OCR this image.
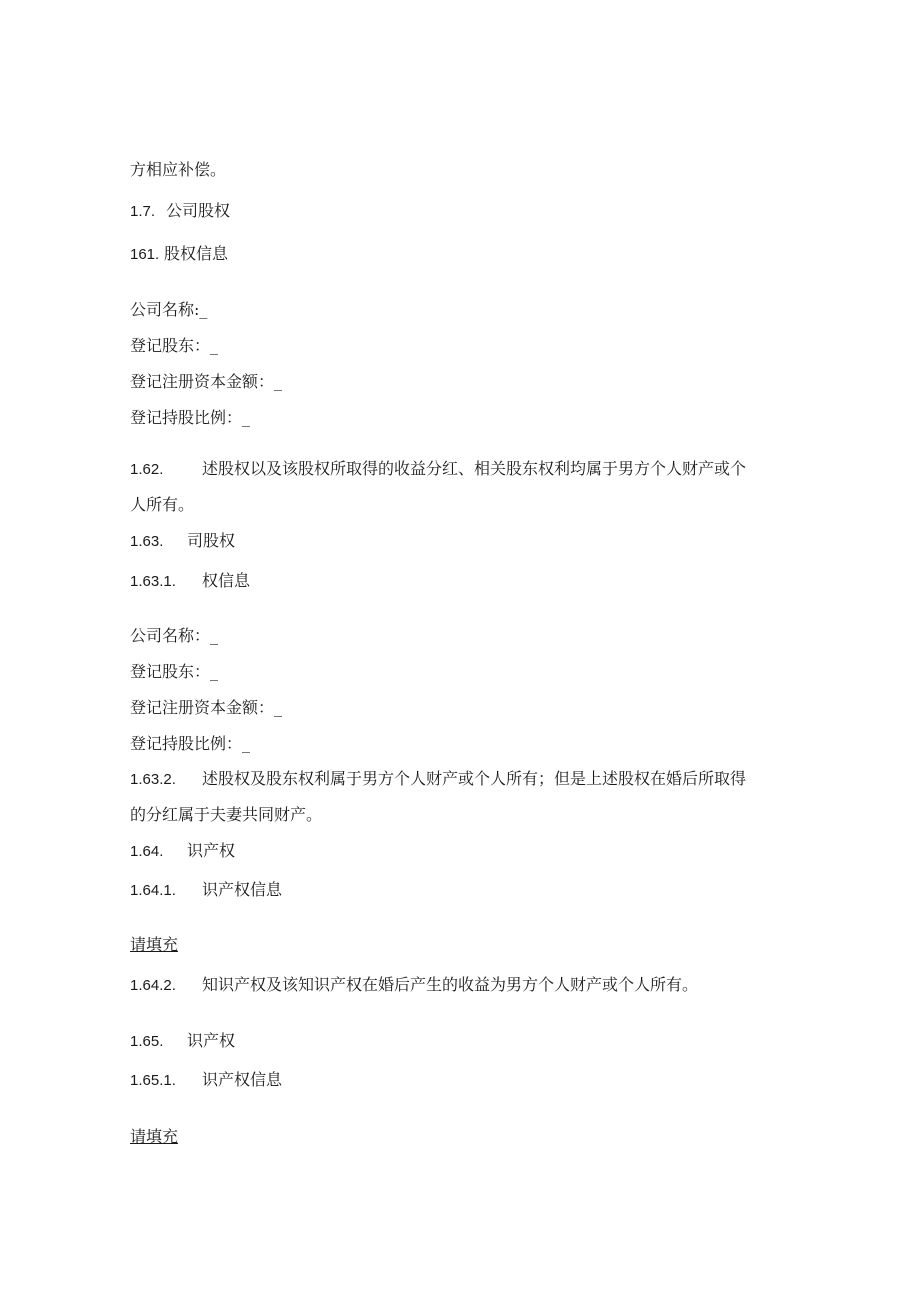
方相应补偿。
1.7. 公司股权
161. 股权信息
公司名称:_
登记股东：_
登记注册资本金额：_
登记持股比例：_
1.62. 述股权以及该股权所取得的收益分红、相关股东权利均属于男方个人财产或个
人所有。
1.63. 司股权
1.63.1. 权信息
公司名称：_
登记股东：_
登记注册资本金额：_
登记持股比例：_
1.63.2. 述股权及股东权利属于男方个人财产或个人所有；但是上述股权在婚后所取得
的分红属于夫妻共同财产。
1.64. 识产权
1.64.1. 识产权信息
请填充
1.64.2. 知识产权及该知识产权在婚后产生的收益为男方个人财产或个人所有。
1.65. 识产权
1.65.1. 识产权信息
请填充
